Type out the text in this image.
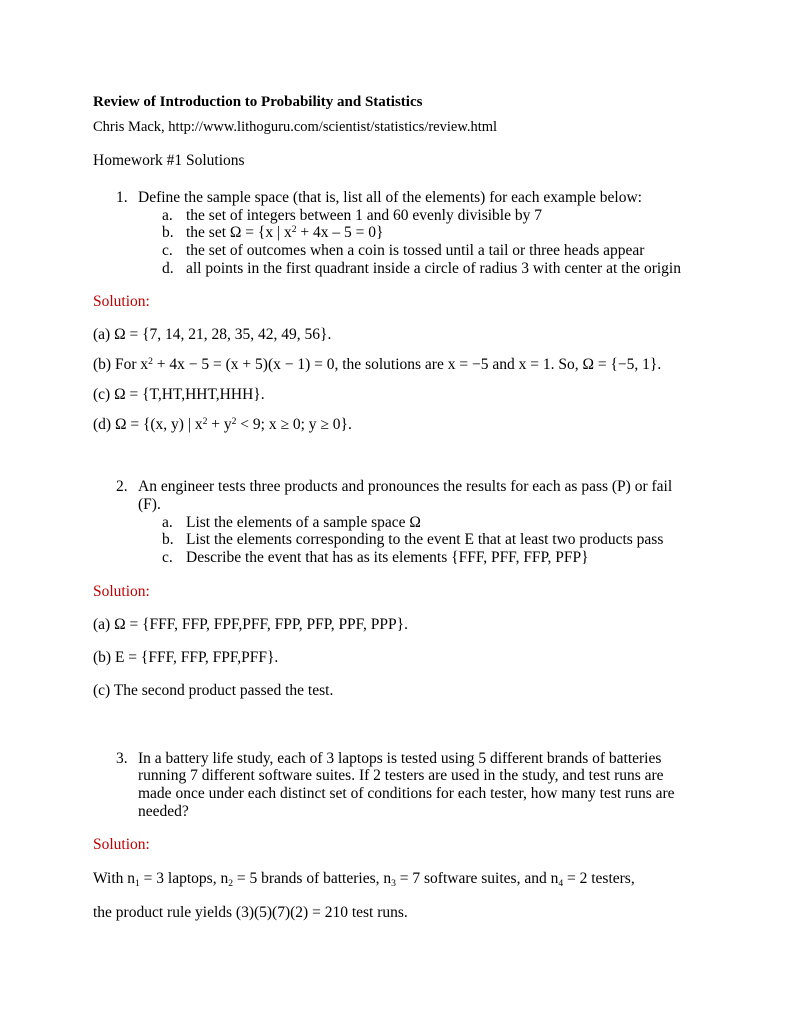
Review of Introduction to Probability and Statistics
Chris Mack, http://www.lithoguru.com/scientist/statistics/review.html
Homework #1 Solutions
1. Define the sample space (that is, list all of the elements) for each example below:
a. the set of integers between 1 and 60 evenly divisible by 7
b. the set Ω = {x | $x^2 + 4x - 5 = 0$}
c. the set of outcomes when a coin is tossed until a tail or three heads appear
d. all points in the first quadrant inside a circle of radius 3 with center at the origin
Solution:
(a) Ω = {7, 14, 21, 28, 35, 42, 49, 56}.
(b) For $x^2 + 4x - 5 = (x + 5)(x - 1) = 0$, the solutions are x = −5 and x = 1. So, Ω = {−5, 1}.
(c) Ω = {T,HT,HHT,HHH}.
(d) Ω = {(x, y) | $x^2 + y^2 < 9$; x ≥ 0; y ≥ 0}.
2. An engineer tests three products and pronounces the results for each as pass (P) or fail
(F).
a. List the elements of a sample space Ω
b. List the elements corresponding to the event E that at least two products pass
c. Describe the event that has as its elements {FFF, PFF, FFP, PFP}
Solution:
(a) Ω = {FFF, FFP, FPF,PFF, FPP, PFP, PPF, PPP}.
(b) E = {FFF, FFP, FPF,PFF}.
(c) The second product passed the test.
3. In a battery life study, each of 3 laptops is tested using 5 different brands of batteries
running 7 different software suites. If 2 testers are used in the study, and test runs are
made once under each distinct set of conditions for each tester, how many test runs are
needed?
Solution:
With $n_1 = 3$ laptops, $n_2 = 5$ brands of batteries, $n_3 = 7$ software suites, and $n_4 = 2$ testers,
the product rule yields (3)(5)(7)(2) = 210 test runs.
